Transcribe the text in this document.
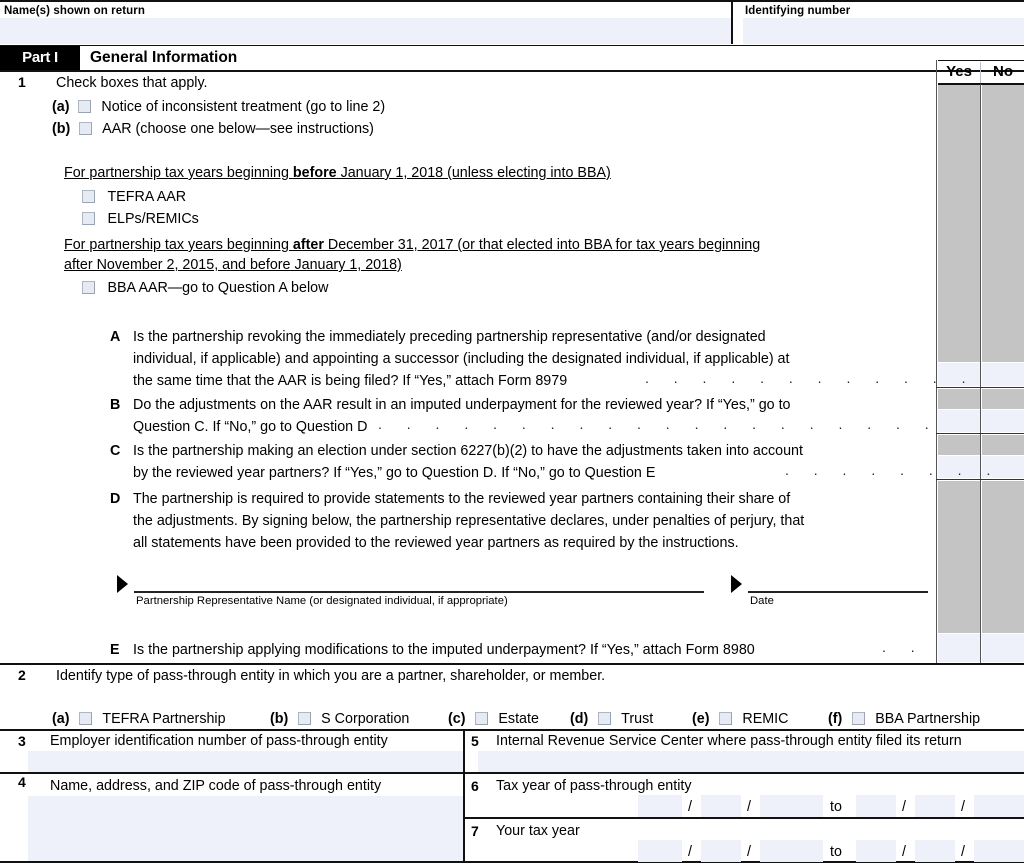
Name(s) shown on return	Identifying number
Part I	General Information
Yes	No
1 Check boxes that apply.
(a) Notice of inconsistent treatment (go to line 2)
(b) AAR (choose one below—see instructions)
For partnership tax years beginning before January 1, 2018 (unless electing into BBA)
TEFRA AAR
ELPs/REMICs
For partnership tax years beginning after December 31, 2017 (or that elected into BBA for tax years beginning
after November 2, 2015, and before January 1, 2018)
BBA AAR—go to Question A below
A Is the partnership revoking the immediately preceding partnership representative (and/or designated
individual, if applicable) and appointing a successor (including the designated individual, if applicable) at
the same time that the AAR is being filed? If “Yes,” attach Form 8979	. . . . . . . . . . . .
B Do the adjustments on the AAR result in an imputed underpayment for the reviewed year? If “Yes,” go to
Question C. If “No,” go to Question D . . . . . . . . . . . . . . . . . . . .
C Is the partnership making an election under section 6227(b)(2) to have the adjustments taken into account
by the reviewed year partners? If “Yes,” go to Question D. If “No,” go to Question E	. . . . . . . .
D The partnership is required to provide statements to the reviewed year partners containing their share of
the adjustments. By signing below, the partnership representative declares, under penalties of perjury, that
all statements have been provided to the reviewed year partners as required by the instructions.
Partnership Representative Name (or designated individual, if appropriate)	Date
E Is the partnership applying modifications to the imputed underpayment? If “Yes,” attach Form 8980	. .
2 Identify type of pass-through entity in which you are a partner, shareholder, or member.
(a) TEFRA Partnership	(b) S Corporation	(c) Estate (d) Trust	(e) REMIC	(f) BBA Partnership
3 Employer identification number of pass-through entity	5 Internal Revenue Service Center where pass-through entity filed its return
4 Name, address, and ZIP code of pass-through entity	6 Tax year of pass-through entity
/	/	to	/	/
7 Your tax year
/	/	to	/	/
